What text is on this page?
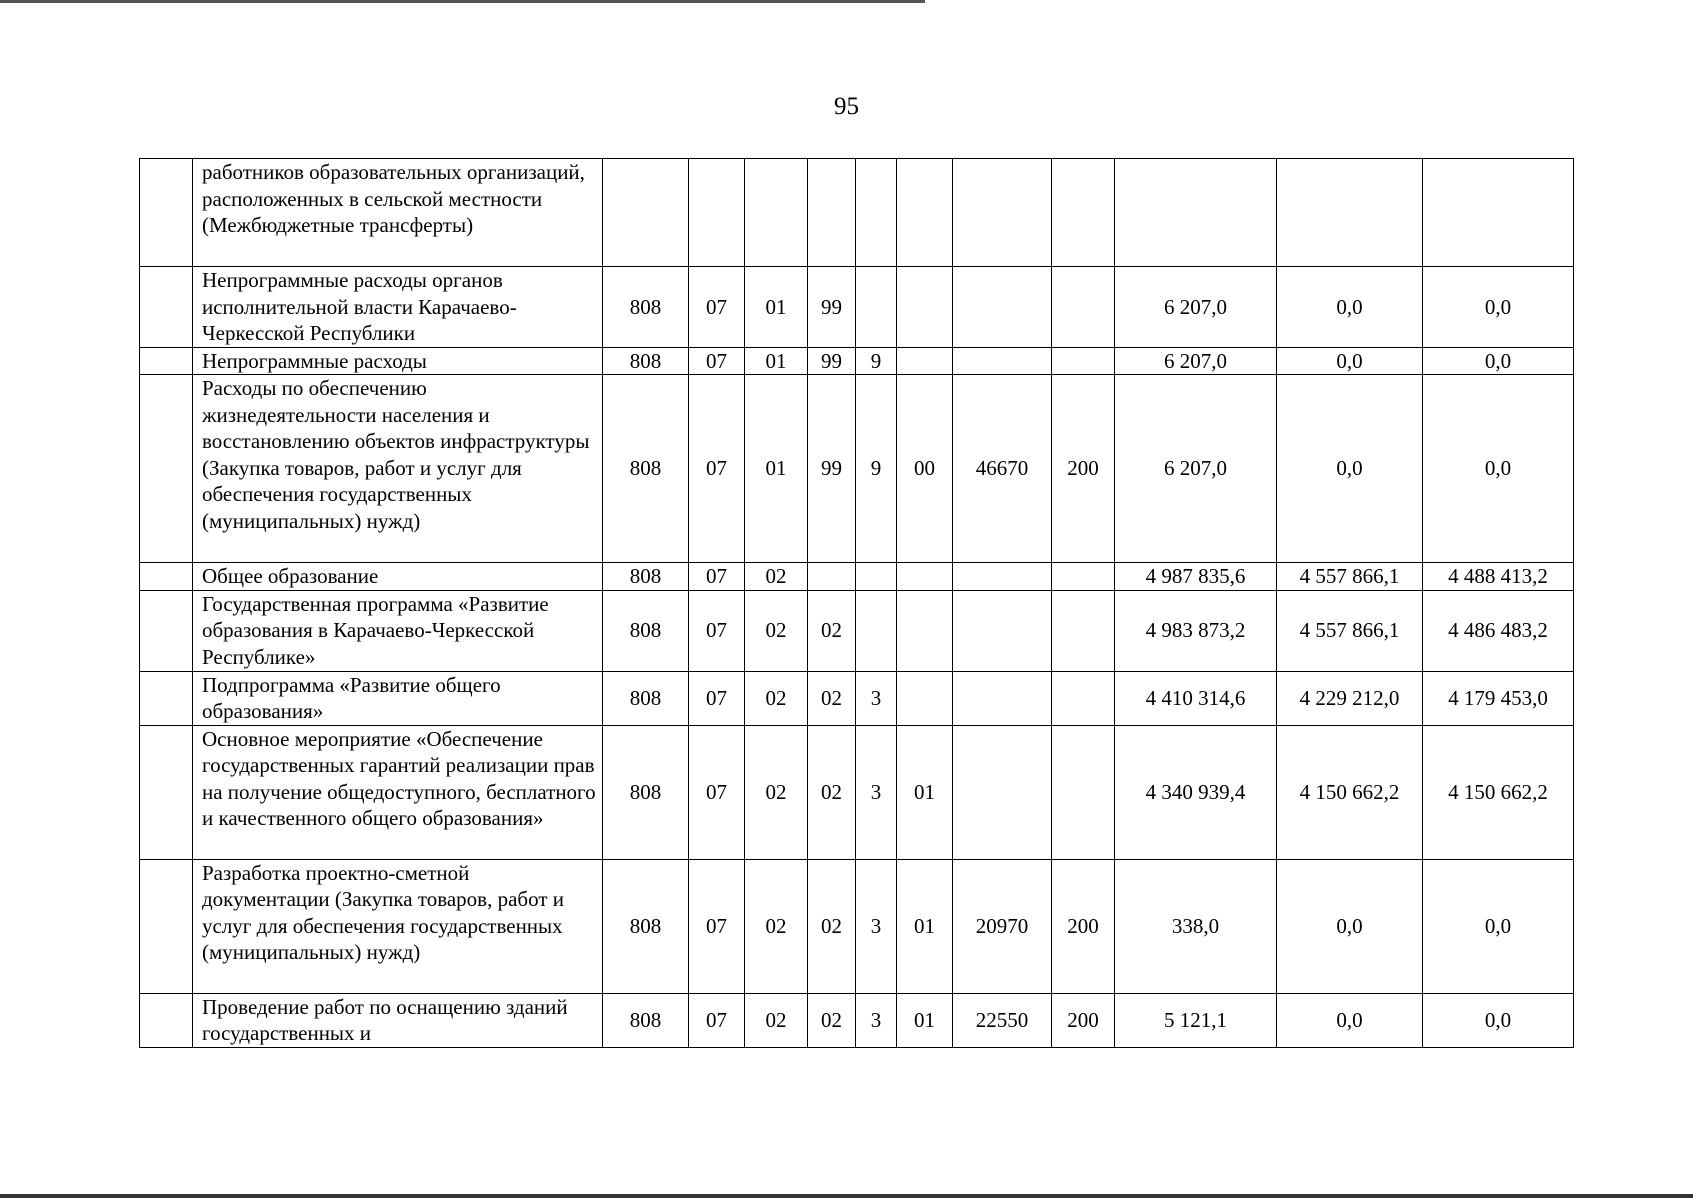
95
	работников образовательных организаций, расположенных в сельской местности (Межбюджетные трансферты)											
	Непрограммные расходы органов исполнительной власти Карачаево-Черкесской Республики	808	07	01	99					6 207,0	0,0	0,0
	Непрограммные расходы	808	07	01	99	9				6 207,0	0,0	0,0
	Расходы по обеспечению жизнедеятельности населения и восстановлению объектов инфраструктуры (Закупка товаров, работ и услуг для обеспечения государственных (муниципальных) нужд)	808	07	01	99	9	00	46670	200	6 207,0	0,0	0,0
	Общее образование	808	07	02						4 987 835,6	4 557 866,1	4 488 413,2
	Государственная программа «Развитие образования в Карачаево-Черкесской Республике»	808	07	02	02					4 983 873,2	4 557 866,1	4 486 483,2
	Подпрограмма «Развитие общего образования»	808	07	02	02	3				4 410 314,6	4 229 212,0	4 179 453,0
	Основное мероприятие «Обеспечение государственных гарантий реализации прав на получение общедоступного, бесплатного и качественного общего образования»	808	07	02	02	3	01			4 340 939,4	4 150 662,2	4 150 662,2
	Разработка проектно-сметной документации (Закупка товаров, работ и услуг для обеспечения государственных (муниципальных) нужд)	808	07	02	02	3	01	20970	200	338,0	0,0	0,0
	Проведение работ по оснащению зданий государственных и	808	07	02	02	3	01	22550	200	5 121,1	0,0	0,0
